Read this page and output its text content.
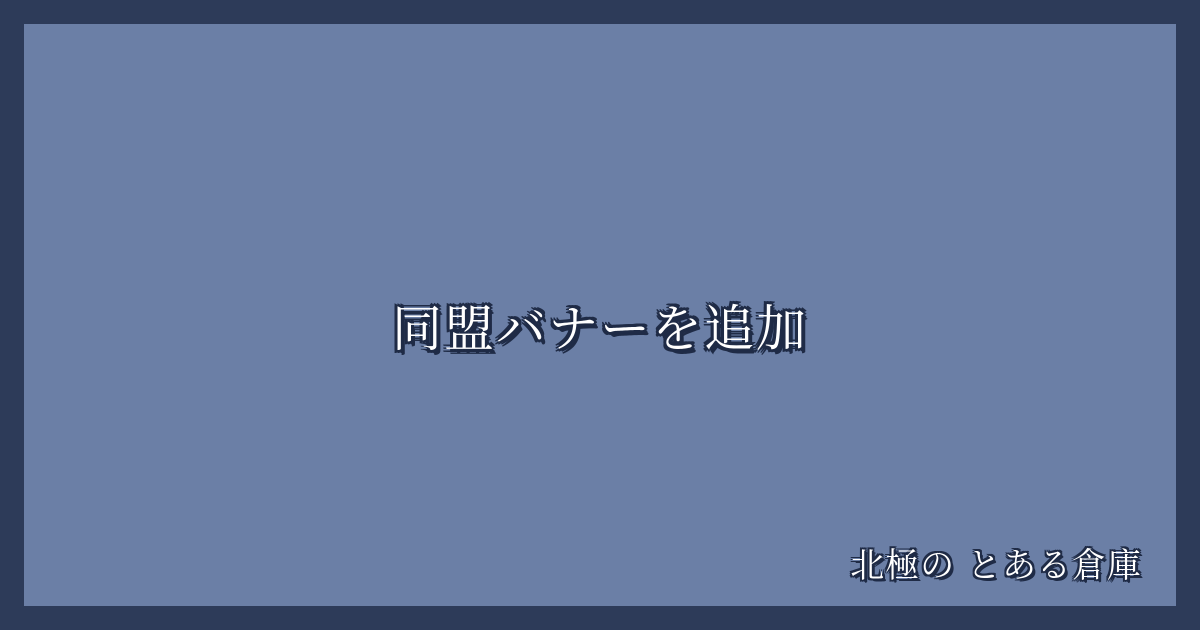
同盟バナーを追加
北極の とある倉庫
